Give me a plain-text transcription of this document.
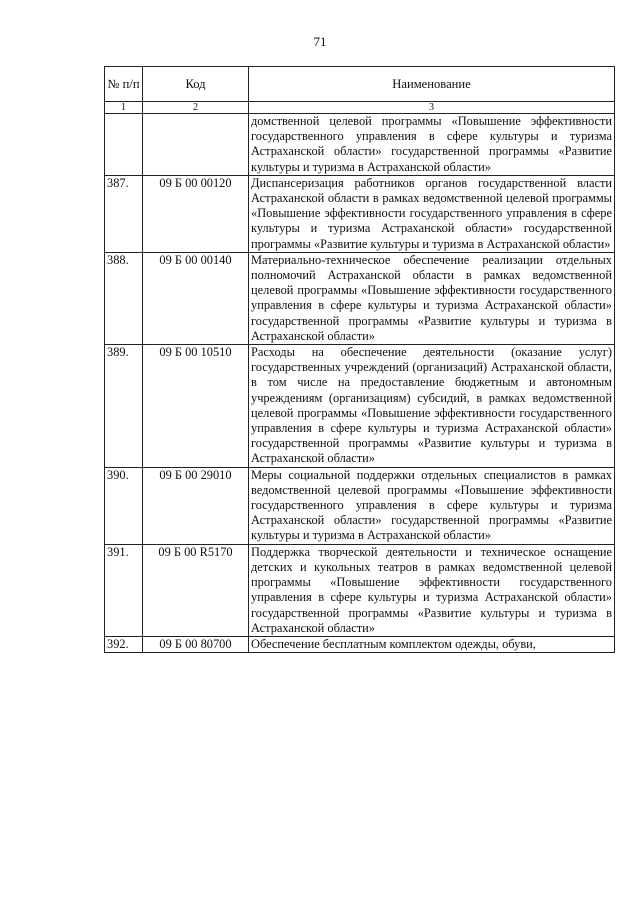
71
№ п/п	Код	Наименование
1	2	3
		домственной целевой программы «Повышение эффективности государственного управления в сфере культуры и туризма Астраханской области» государственной программы «Развитие культуры и туризма в Астраханской области»
387.	09 Б 00 00120	Диспансеризация работников органов государственной власти Астраханской области в рамках ведомственной целевой программы «Повышение эффективности государственного управления в сфере культуры и туризма Астраханской области» государственной программы «Развитие культуры и туризма в Астраханской области»
388.	09 Б 00 00140	Материально-техническое обеспечение реализации отдельных полномочий Астраханской области в рамках ведомственной целевой программы «Повышение эффективности государственного управления в сфере культуры и туризма Астраханской области» государственной программы «Развитие культуры и туризма в Астраханской области»
389.	09 Б 00 10510	Расходы на обеспечение деятельности (оказание услуг) государственных учреждений (организаций) Астраханской области, в том числе на предоставление бюджетным и автономным учреждениям (организациям) субсидий, в рамках ведомственной целевой программы «Повышение эффективности государственного управления в сфере культуры и туризма Астраханской области» государственной программы «Развитие культуры и туризма в Астраханской области»
390.	09 Б 00 29010	Меры социальной поддержки отдельных специалистов в рамках ведомственной целевой программы «Повышение эффективности государственного управления в сфере культуры и туризма Астраханской области» государственной программы «Развитие культуры и туризма в Астраханской области»
391.	09 Б 00 R5170	Поддержка творческой деятельности и техническое оснащение детских и кукольных театров в рамках ведомственной целевой программы «Повышение эффективности государственного управления в сфере культуры и туризма Астраханской области» государственной программы «Развитие культуры и туризма в Астраханской области»
392.	09 Б 00 80700	Обеспечение бесплатным комплектом одежды, обуви,
